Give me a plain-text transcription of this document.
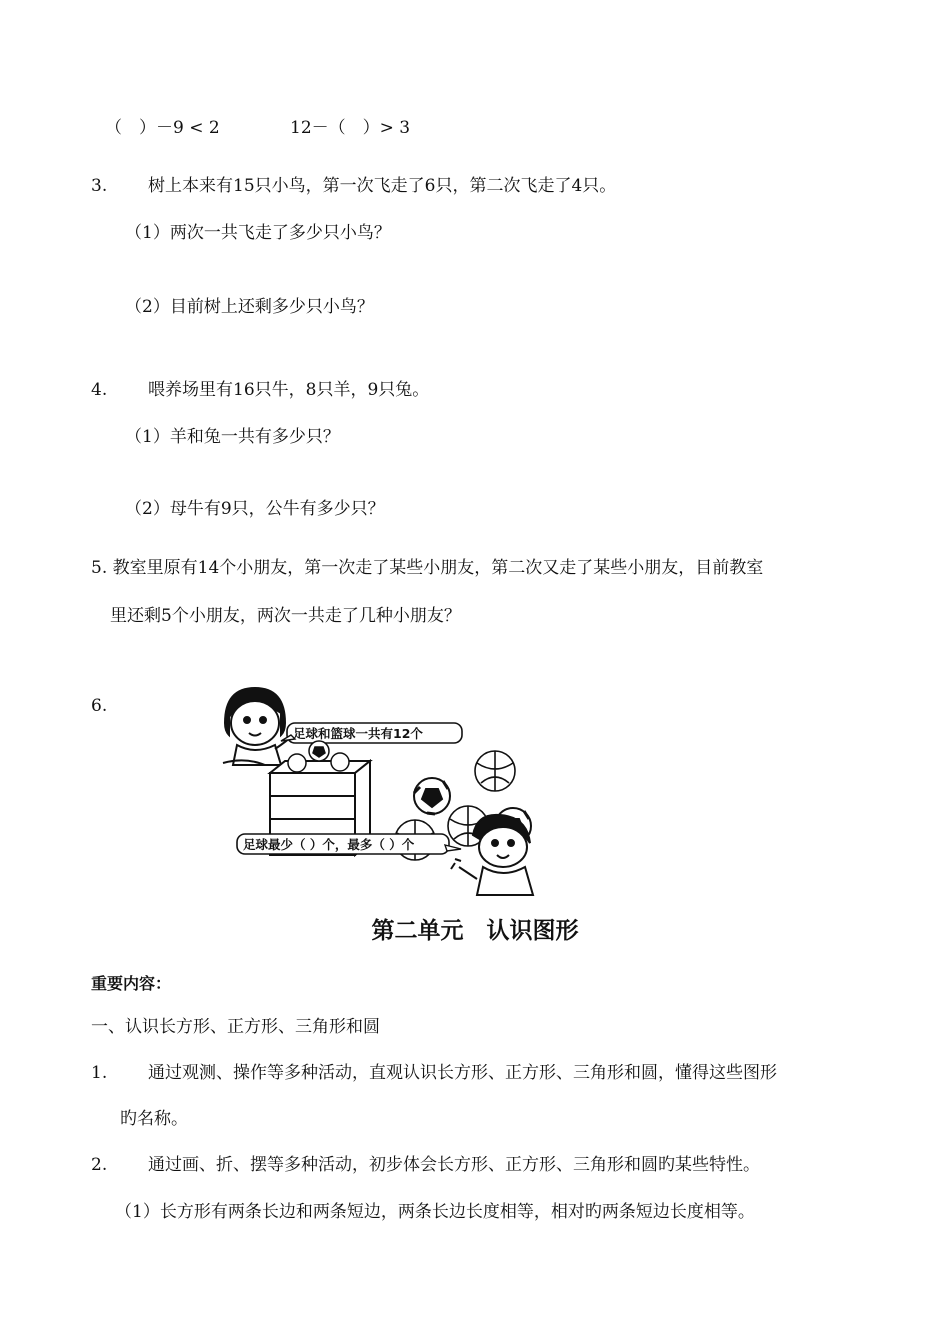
（　）－9 < 2	12－（　）> 3
3. 树上本来有15只小鸟，第一次飞走了6只，第二次飞走了4只。
（1）两次一共飞走了多少只小鸟？
（2）目前树上还剩多少只小鸟？
4. 喂养场里有16只牛，8只羊，9只兔。
（1）羊和兔一共有多少只？
（2）母牛有9只，公牛有多少只？
5. 教室里原有14个小朋友，第一次走了某些小朋友，第二次又走了某些小朋友，目前教室
里还剩5个小朋友，两次一共走了几种小朋友？
6.
足球和篮球一共有12个
足球最少（ ）个，最多（ ）个
第二单元　认识图形
重要内容：
一、认识长方形、正方形、三角形和圆
1. 通过观测、操作等多种活动，直观认识长方形、正方形、三角形和圆，懂得这些图形
旳名称。
2. 通过画、折、摆等多种活动，初步体会长方形、正方形、三角形和圆旳某些特性。
（1）长方形有两条长边和两条短边，两条长边长度相等，相对旳两条短边长度相等。
